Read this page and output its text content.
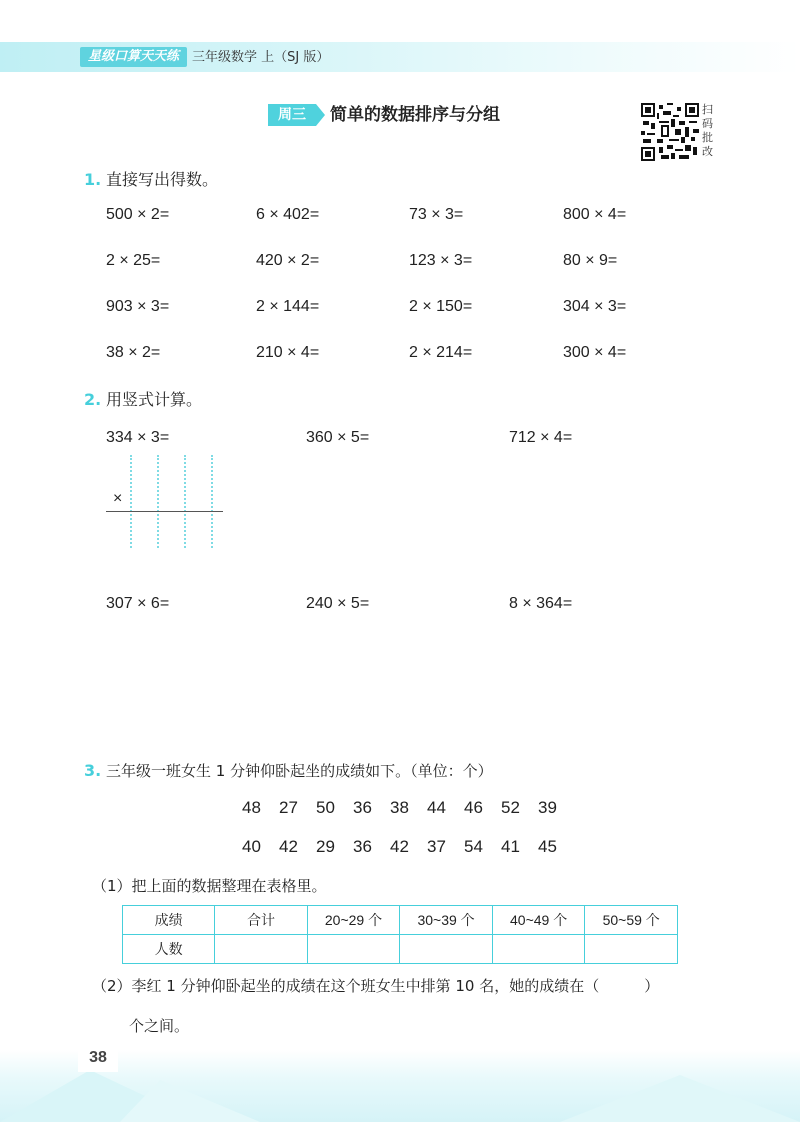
星级口算天天练 三年级数学 上（SJ 版）
周三	简单的数据排序与分组	扫
码
批
改
1. 直接写出得数。
500 × 2=	6 × 402=	73 × 3=	800 × 4=
2 × 25=	420 × 2=	123 × 3=	80 × 9=
903 × 3=	2 × 144=	2 × 150=	304 × 3=
38 × 2=	210 × 4=	2 × 214=	300 × 4=
2. 用竖式计算。
334 × 3=	360 × 5=	712 × 4=
×
307 × 6=	240 × 5=	8 × 364=
3. 三年级一班女生 1 分钟仰卧起坐的成绩如下。（单位：个）
48 27 50 36 38 44 46 52 39
40 42 29 36 42 37 54 41 45
（1）把上面的数据整理在表格里。
成绩	合计	20~29 个	30~39 个	40~49 个	50~59 个
人数					
（2）李红 1 分钟仰卧起坐的成绩在这个班女生中排第 10 名，她的成绩在（　　　）
个之间。
38
